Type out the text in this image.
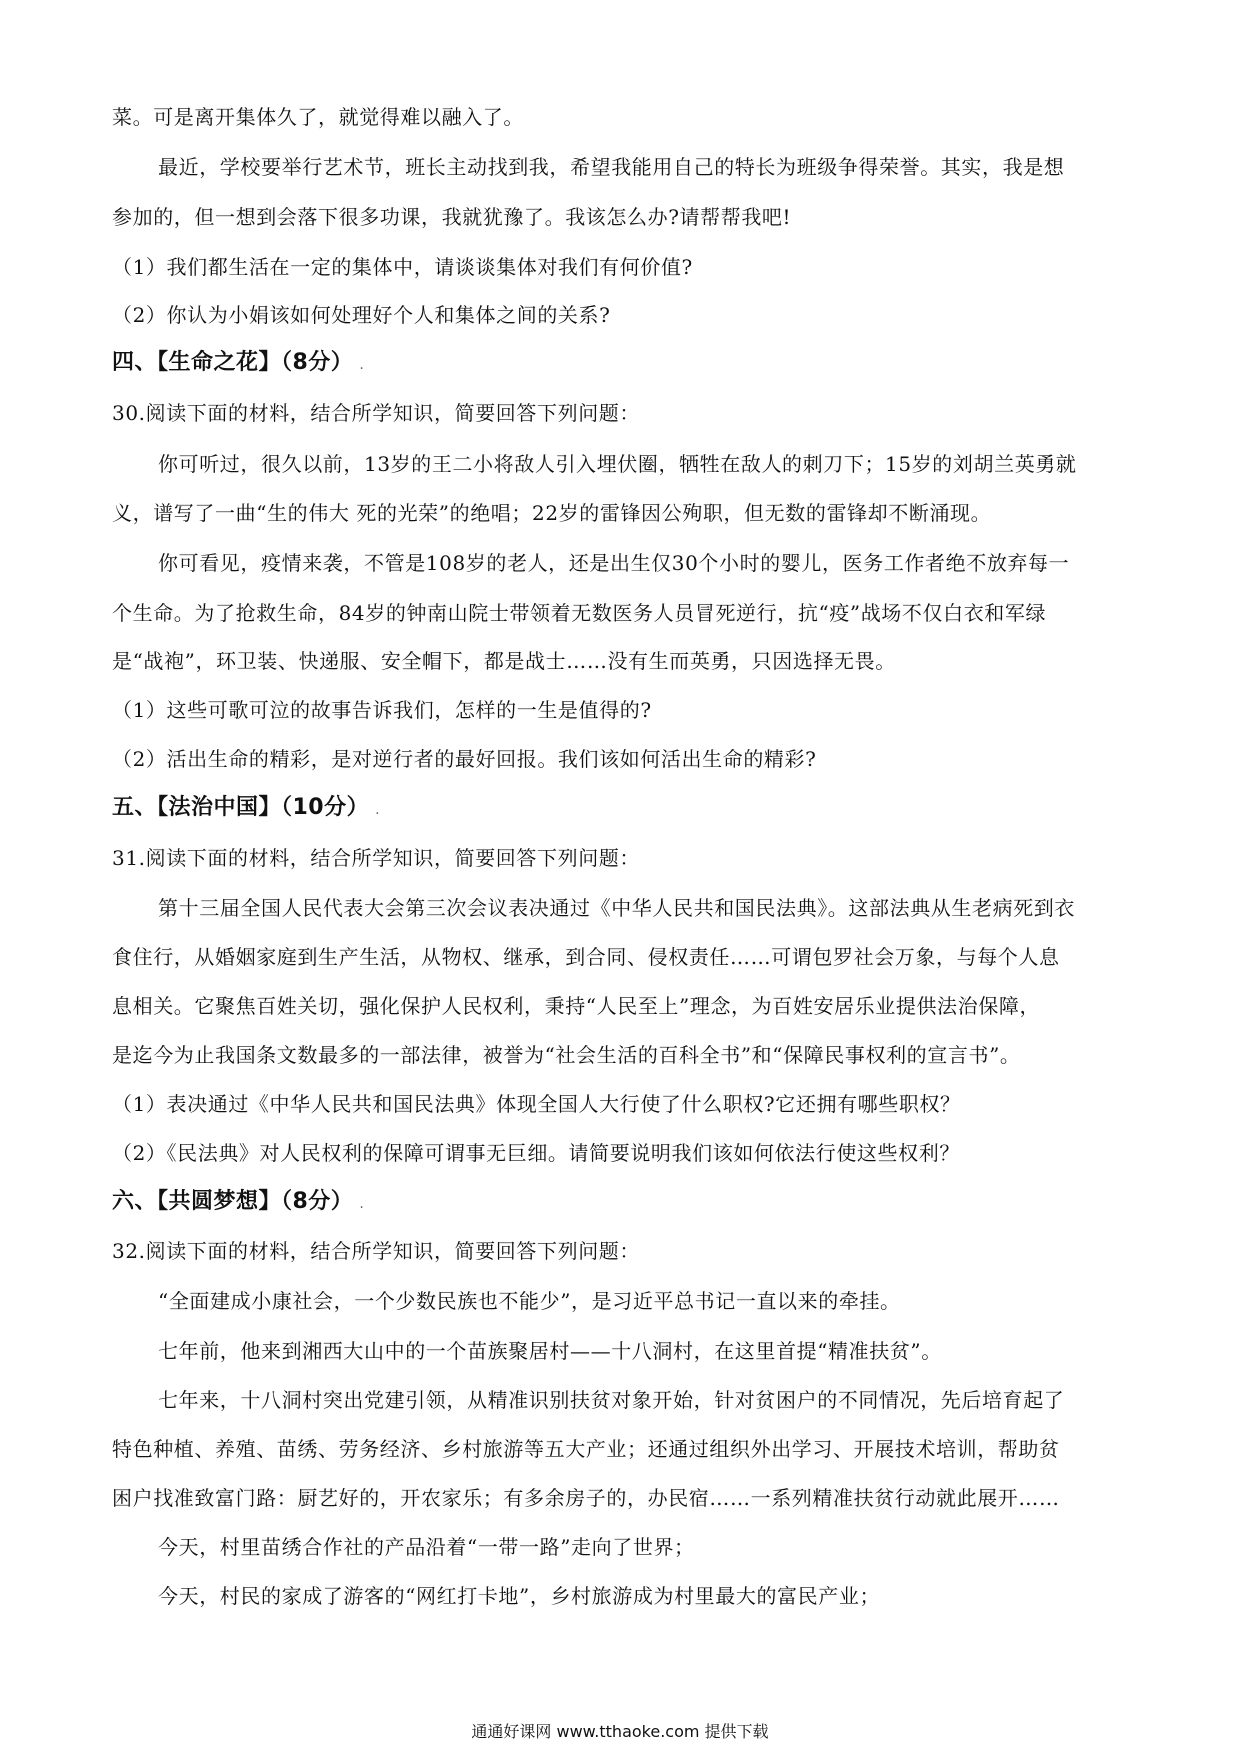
菜。可是离开集体久了，就觉得难以融入了。
最近，学校要举行艺术节，班长主动找到我，希望我能用自己的特长为班级争得荣誉。其实，我是想
参加的，但一想到会落下很多功课，我就犹豫了。我该怎么办?请帮帮我吧!
（1）我们都生活在一定的集体中，请谈谈集体对我们有何价值?
（2）你认为小娟该如何处理好个人和集体之间的关系?
四、【生命之花】（8分） .
30.阅读下面的材料，结合所学知识，简要回答下列问题：
你可听过，很久以前，13岁的王二小将敌人引入埋伏圈，牺牲在敌人的刺刀下；15岁的刘胡兰英勇就
义，谱写了一曲“生的伟大 死的光荣”的绝唱；22岁的雷锋因公殉职，但无数的雷锋却不断涌现。
你可看见，疫情来袭，不管是108岁的老人，还是出生仅30个小时的婴儿，医务工作者绝不放弃每一
个生命。为了抢救生命，84岁的钟南山院士带领着无数医务人员冒死逆行，抗“疫”战场不仅白衣和军绿
是“战袍”，环卫装、快递服、安全帽下，都是战士……没有生而英勇，只因选择无畏。
（1）这些可歌可泣的故事告诉我们，怎样的一生是值得的?
（2）活出生命的精彩，是对逆行者的最好回报。我们该如何活出生命的精彩?
五、【法治中国】（10分） .
31.阅读下面的材料，结合所学知识，简要回答下列问题：
第十三届全国人民代表大会第三次会议表决通过《中华人民共和国民法典》。这部法典从生老病死到衣
食住行，从婚姻家庭到生产生活，从物权、继承，到合同、侵权责任……可谓包罗社会万象，与每个人息
息相关。它聚焦百姓关切，强化保护人民权利，秉持“人民至上”理念，为百姓安居乐业提供法治保障，
是迄今为止我国条文数最多的一部法律，被誉为“社会生活的百科全书”和“保障民事权利的宣言书”。
（1）表决通过《中华人民共和国民法典》体现全国人大行使了什么职权?它还拥有哪些职权？
（2）《民法典》对人民权利的保障可谓事无巨细。请简要说明我们该如何依法行使这些权利？
六、【共圆梦想】（8分） .
32.阅读下面的材料，结合所学知识，简要回答下列问题：
“全面建成小康社会，一个少数民族也不能少”，是习近平总书记一直以来的牵挂。
七年前，他来到湘西大山中的一个苗族聚居村——十八洞村，在这里首提“精准扶贫”。
七年来，十八洞村突出党建引领，从精准识别扶贫对象开始，针对贫困户的不同情况，先后培育起了
特色种植、养殖、苗绣、劳务经济、乡村旅游等五大产业；还通过组织外出学习、开展技术培训，帮助贫
困户找准致富门路：厨艺好的，开农家乐；有多余房子的，办民宿……一系列精准扶贫行动就此展开……
今天，村里苗绣合作社的产品沿着“一带一路”走向了世界；
今天，村民的家成了游客的“网红打卡地”，乡村旅游成为村里最大的富民产业；
通通好课网 www.tthaoke.com 提供下载
